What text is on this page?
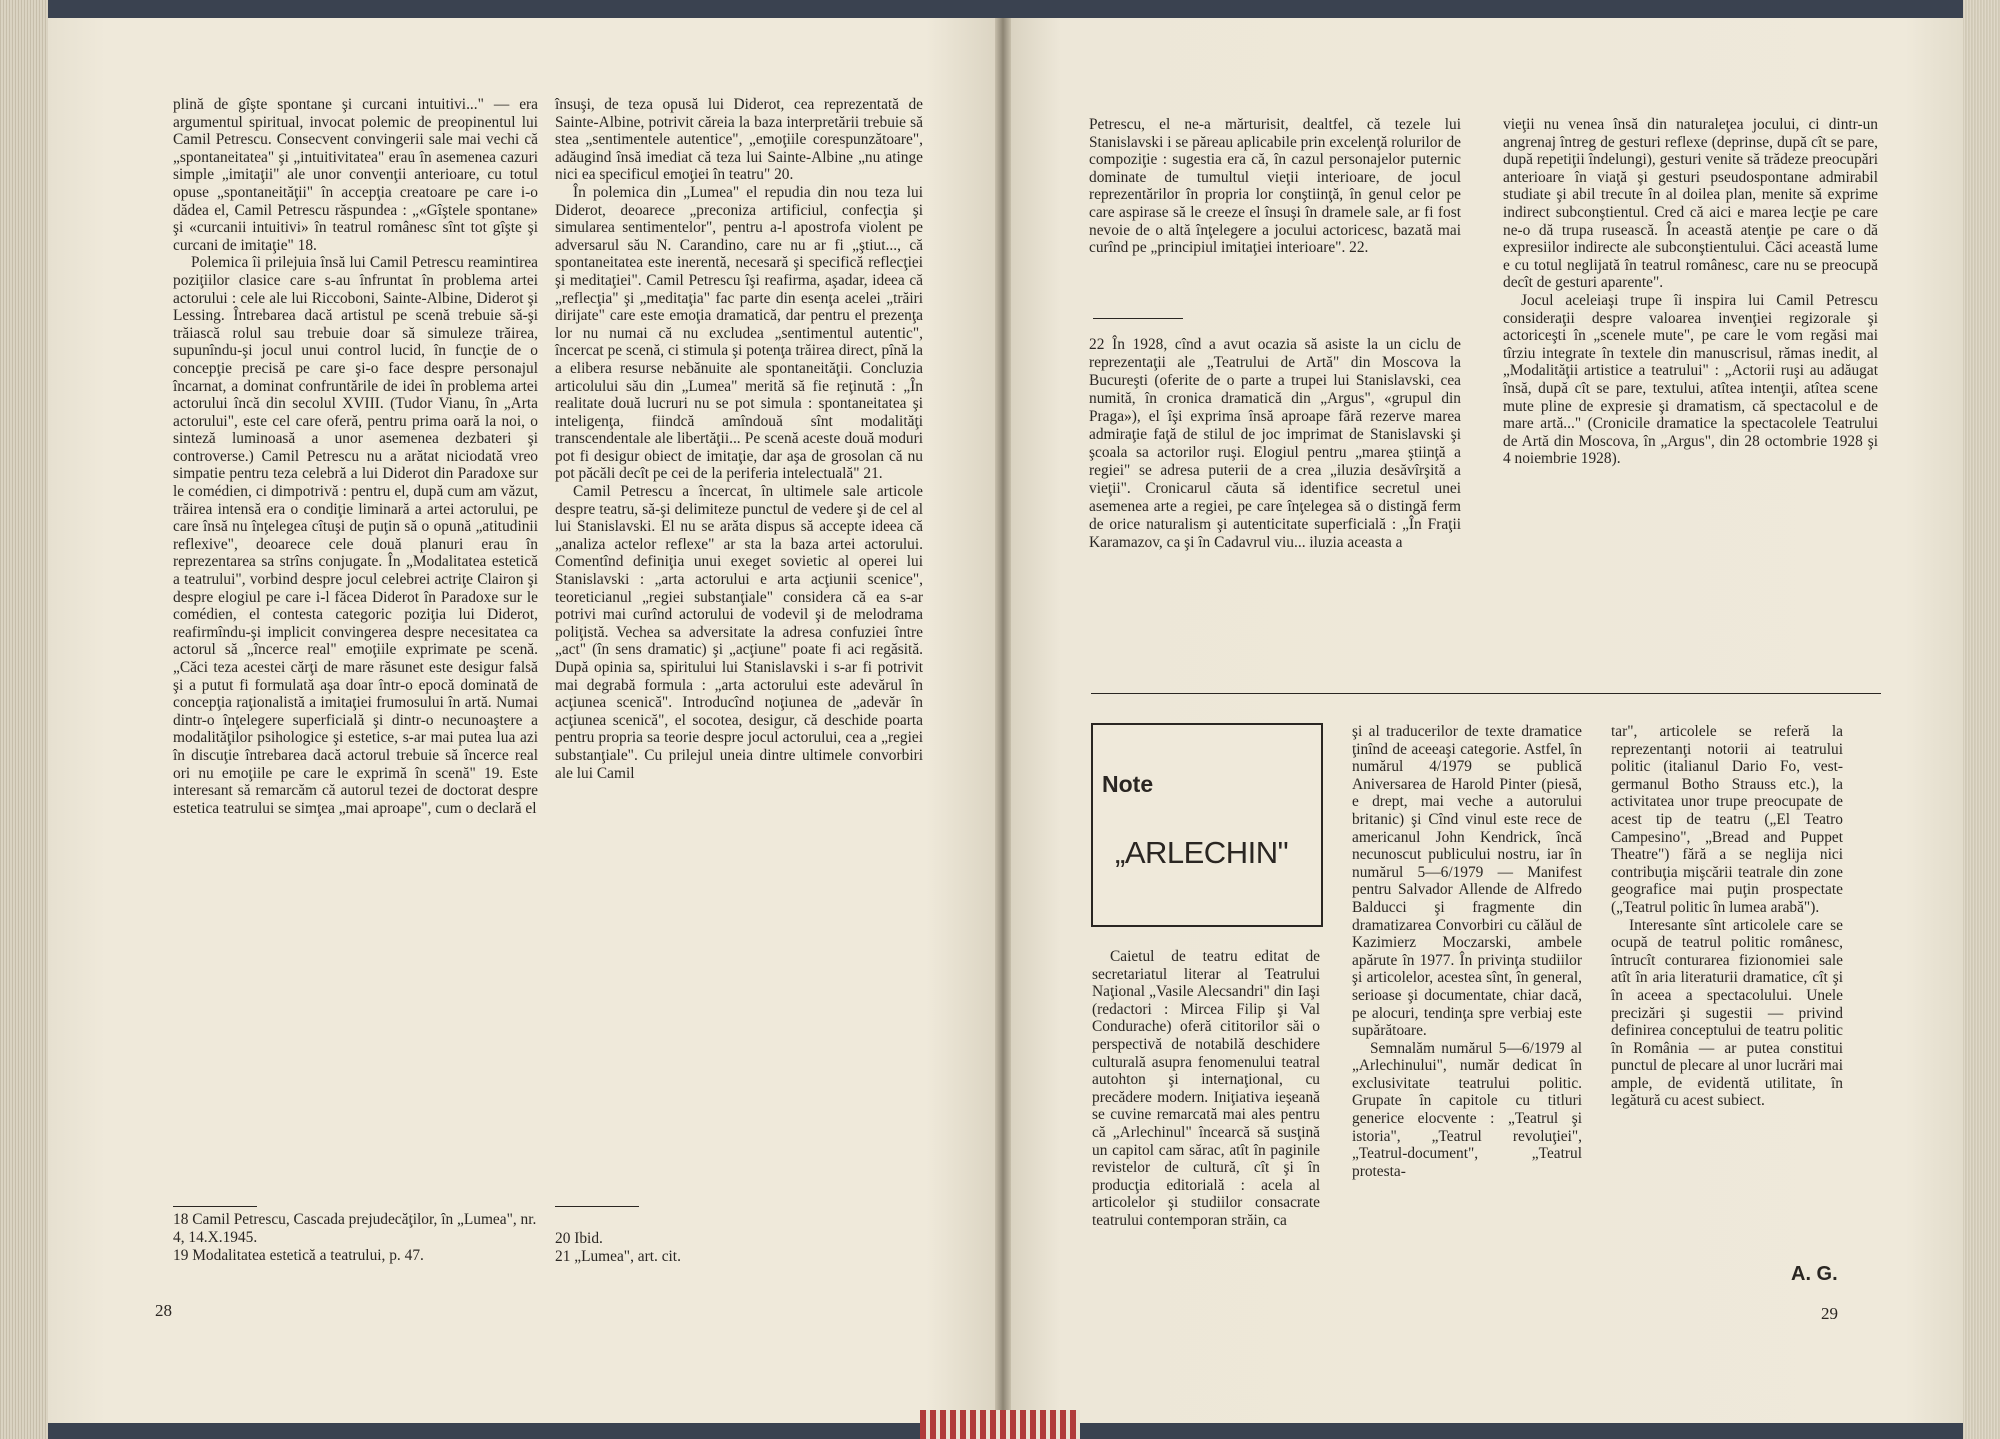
plină de gîşte spontane şi curcani intuitivi..." — era argumentul spiritual, invocat polemic de preopinentul lui Camil Petrescu. Consecvent convingerii sale mai vechi că „spontaneitatea" şi „intuitivitatea" erau în asemenea cazuri simple „imitaţii" ale unor convenţii anterioare, cu totul opuse „spontaneităţii" în accepţia creatoare pe care i-o dădea el, Camil Petrescu răspundea : „«Gîştele spontane» şi «curcanii intuitivi» în teatrul românesc sînt tot gîşte şi curcani de imitaţie" 18.

Polemica îi prilejuia însă lui Camil Petrescu reamintirea poziţiilor clasice care s-au înfruntat în problema artei actorului : cele ale lui Riccoboni, Sainte-Albine, Diderot şi Lessing. Întrebarea dacă artistul pe scenă trebuie să-şi trăiască rolul sau trebuie doar să simuleze trăirea, supunîndu-şi jocul unui control lucid, în funcţie de o concepţie precisă pe care şi-o face despre personajul încarnat, a dominat confruntările de idei în problema artei actorului încă din secolul XVIII. (Tudor Vianu, în „Arta actorului", este cel care oferă, pentru prima oară la noi, o sinteză luminoasă a unor asemenea dezbateri şi controverse.) Camil Petrescu nu a arătat niciodată vreo simpatie pentru teza celebră a lui Diderot din Paradoxe sur le comédien, ci dimpotrivă : pentru el, după cum am văzut, trăirea intensă era o condiţie liminară a artei actorului, pe care însă nu înţelegea cîtuşi de puţin să o opună „atitudinii reflexive", deoarece cele două planuri erau în reprezentarea sa strîns conjugate. În „Modalitatea estetică a teatrului", vorbind despre jocul celebrei actriţe Clairon şi despre elogiul pe care i-l făcea Diderot în Paradoxe sur le comédien, el contesta categoric poziţia lui Diderot, reafirmîndu-şi implicit convingerea despre necesitatea ca actorul să „încerce real" emoţiile exprimate pe scenă. „Căci teza acestei cărţi de mare răsunet este desigur falsă şi a putut fi formulată aşa doar într-o epocă dominată de concepţia raţionalistă a imitaţiei frumosului în artă. Numai dintr-o înţelegere superficială şi dintr-o necunoaştere a modalităţilor psihologice şi estetice, s-ar mai putea lua azi în discuţie întrebarea dacă actorul trebuie să încerce real ori nu emoţiile pe care le exprimă în scenă" 19. Este interesant să remarcăm că autorul tezei de doctorat despre estetica teatrului se simţea „mai aproape", cum o declară el

18 Camil Petrescu, Cascada prejudecăţilor, în „Lumea", nr. 4, 14.X.1945.
19 Modalitatea estetică a teatrului, p. 47.

însuşi, de teza opusă lui Diderot, cea reprezentată de Sainte-Albine, potrivit căreia la baza interpretării trebuie să stea „sentimentele autentice", „emoţiile corespunzătoare", adăugind însă imediat că teza lui Sainte-Albine „nu atinge nici ea specificul emoţiei în teatru" 20.

În polemica din „Lumea" el repudia din nou teza lui Diderot, deoarece „preconiza artificiul, confecţia şi simularea sentimentelor", pentru a-l apostrofa violent pe adversarul său N. Carandino, care nu ar fi „ştiut..., că spontaneitatea este inerentă, necesară şi specifică reflecţiei şi meditaţiei". Camil Petrescu îşi reafirma, aşadar, ideea că „reflecţia" şi „meditaţia" fac parte din esenţa acelei „trăiri dirijate" care este emoţia dramatică, dar pentru el prezenţa lor nu numai că nu excludea „sentimentul autentic", încercat pe scenă, ci stimula şi potenţa trăirea direct, pînă la a elibera resurse nebănuite ale spontaneităţii. Concluzia articolului său din „Lumea" merită să fie reţinută : „În realitate două lucruri nu se pot simula : spontaneitatea şi inteligenţa, fiindcă amîndouă sînt modalităţi transcendentale ale libertăţii... Pe scenă aceste două moduri pot fi desigur obiect de imitaţie, dar aşa de grosolan că nu pot păcăli decît pe cei de la periferia intelectuală" 21.

Camil Petrescu a încercat, în ultimele sale articole despre teatru, să-şi delimiteze punctul de vedere şi de cel al lui Stanislavski. El nu se arăta dispus să accepte ideea că „analiza actelor reflexe" ar sta la baza artei actorului. Comentînd definiţia unui exeget sovietic al operei lui Stanislavski : „arta actorului e arta acţiunii scenice", teoreticianul „regiei substanţiale" considera că ea s-ar potrivi mai curînd actorului de vodevil şi de melodrama poliţistă. Vechea sa adversitate la adresa confuziei între „act" (în sens dramatic) şi „acţiune" poate fi aci regăsită. După opinia sa, spiritului lui Stanislavski i s-ar fi potrivit mai degrabă formula : „arta actorului este adevărul în acţiunea scenică". Introducînd noţiunea de „adevăr în acţiunea scenică", el socotea, desigur, că deschide poarta pentru propria sa teorie despre jocul actorului, cea a „regiei substanţiale". Cu prilejul uneia dintre ultimele convorbiri ale lui Camil

20 Ibid.
21 „Lumea", art. cit.
28

Petrescu, el ne-a mărturisit, dealtfel, că tezele lui Stanislavski i se păreau aplicabile prin excelenţă rolurilor de compoziţie : sugestia era că, în cazul personajelor puternic dominate de tumultul vieţii interioare, de jocul reprezentărilor în propria lor conştiinţă, în genul celor pe care aspirase să le creeze el însuşi în dramele sale, ar fi fost nevoie de o altă înţelegere a jocului actoricesc, bazată mai curînd pe „principiul imitaţiei interioare". 22.

22 În 1928, cînd a avut ocazia să asiste la un ciclu de reprezentaţii ale „Teatrului de Artă" din Moscova la Bucureşti (oferite de o parte a trupei lui Stanislavski, cea numită, în cronica dramatică din „Argus", «grupul din Praga»), el îşi exprima însă aproape fără rezerve marea admiraţie faţă de stilul de joc imprimat de Stanislavski şi şcoala sa actorilor ruşi. Elogiul pentru „marea ştiinţă a regiei" se adresa puterii de a crea „iluzia desăvîrşită a vieţii". Cronicarul căuta să identifice secretul unei asemenea arte a regiei, pe care înţelegea să o distingă ferm de orice naturalism şi autenticitate superficială : „În Fraţii Karamazov, ca şi în Cadavrul viu... iluzia aceasta a

vieţii nu venea însă din naturaleţea jocului, ci dintr-un angrenaj întreg de gesturi reflexe (deprinse, după cît se pare, după repetiţii îndelungi), gesturi venite să trădeze preocupări anterioare în viaţă şi gesturi pseudospontane admirabil studiate şi abil trecute în al doilea plan, menite să exprime indirect subconştientul. Cred că aici e marea lecţie pe care ne-o dă trupa rusească. În această atenţie pe care o dă expresiilor indirecte ale subconştientului. Căci această lume e cu totul neglijată în teatrul românesc, care nu se preocupă decît de gesturi aparente".

Jocul aceleiaşi trupe îi inspira lui Camil Petrescu consideraţii despre valoarea invenţiei regizorale şi actoriceşti în „scenele mute", pe care le vom regăsi mai tîrziu integrate în textele din manuscrisul, rămas inedit, al „Modalităţii artistice a teatrului" : „Actorii ruşi au adăugat însă, după cît se pare, textului, atîtea intenţii, atîtea scene mute pline de expresie şi dramatism, că spectacolul e de mare artă..." (Cronicile dramatice la spectacolele Teatrului de Artă din Moscova, în „Argus", din 28 octombrie 1928 şi 4 noiembrie 1928).

Note
„ARLECHIN"

Caietul de teatru editat de secretariatul literar al Teatrului Naţional „Vasile Alecsandri" din Iaşi (redactori : Mircea Filip şi Val Condurache) oferă cititorilor săi o perspectivă de notabilă deschidere culturală asupra fenomenului teatral autohton şi internaţional, cu precădere modern. Iniţiativa ieşeană se cuvine remarcată mai ales pentru că „Arlechinul" încearcă să susţină un capitol cam sărac, atît în paginile revistelor de cultură, cît şi în producţia editorială : acela al articolelor şi studiilor consacrate teatrului contemporan străin, ca

şi al traducerilor de texte dramatice ţinînd de aceeaşi categorie. Astfel, în numărul 4/1979 se publică Aniversarea de Harold Pinter (piesă, e drept, mai veche a autorului britanic) şi Cînd vinul este rece de americanul John Kendrick, încă necunoscut publicului nostru, iar în numărul 5—6/1979 — Manifest pentru Salvador Allende de Alfredo Balducci şi fragmente din dramatizarea Convorbiri cu călăul de Kazimierz Moczarski, ambele apărute în 1977. În privinţa studiilor şi articolelor, acestea sînt, în general, serioase şi documentate, chiar dacă, pe alocuri, tendinţa spre verbiaj este supărătoare.

Semnalăm numărul 5—6/1979 al „Arlechinului", număr dedicat în exclusivitate teatrului politic. Grupate în capitole cu titluri generice elocvente : „Teatrul şi istoria", „Teatrul revoluţiei", „Teatrul-document", „Teatrul protesta-

tar", articolele se referă la reprezentanţi notorii ai teatrului politic (italianul Dario Fo, vest-germanul Botho Strauss etc.), la activitatea unor trupe preocupate de acest tip de teatru („El Teatro Campesino", „Bread and Puppet Theatre") fără a se neglija nici contribuţia mişcării teatrale din zone geografice mai puţin prospectate („Teatrul politic în lumea arabă").

Interesante sînt articolele care se ocupă de teatrul politic românesc, întrucît conturarea fizionomiei sale atît în aria literaturii dramatice, cît şi în aceea a spectacolului. Unele precizări şi sugestii — privind definirea conceptului de teatru politic în România — ar putea constitui punctul de plecare al unor lucrări mai ample, de evidentă utilitate, în legătură cu acest subiect.

A. G.
29
